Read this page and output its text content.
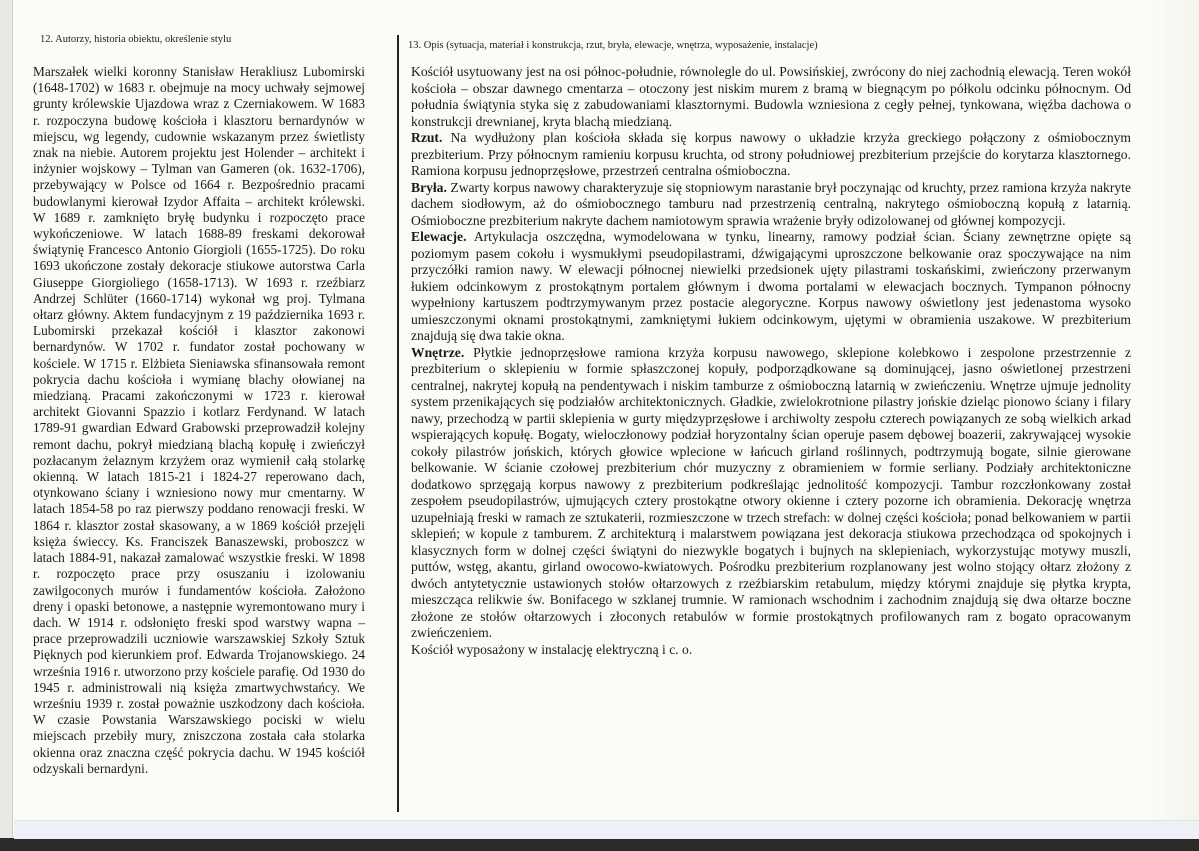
12. Autorzy, historia obiektu, określenie stylu
Marszałek wielki koronny Stanisław Herakliusz Lubomirski (1648-1702) w 1683 r. obejmuje na mocy uchwały sejmowej grunty królewskie Ujazdowa wraz z Czerniakowem. W 1683 r. rozpoczyna budowę kościoła i klasztoru bernardynów w miejscu, wg legendy, cudownie wskazanym przez świetlisty znak na niebie. Autorem projektu jest Holender – architekt i inżynier wojskowy – Tylman van Gameren (ok. 1632-1706), przebywający w Polsce od 1664 r. Bezpośrednio pracami budowlanymi kierował Izydor Affaita – architekt królewski. W 1689 r. zamknięto bryłę budynku i rozpoczęto prace wykończeniowe. W latach 1688-89 freskami dekorował świątynię Francesco Antonio Giorgioli (1655-1725). Do roku 1693 ukończone zostały dekoracje stiukowe autorstwa Carla Giuseppe Giorgioliego (1658-1713). W 1693 r. rzeźbiarz Andrzej Schlüter (1660-1714) wykonał wg proj. Tylmana ołtarz główny. Aktem fundacyjnym z 19 października 1693 r. Lubomirski przekazał kościół i klasztor zakonowi bernardynów. W 1702 r. fundator został pochowany w kościele. W 1715 r. Elżbieta Sieniawska sfinansowała remont pokrycia dachu kościoła i wymianę blachy ołowianej na miedzianą. Pracami zakończonymi w 1723 r. kierował architekt Giovanni Spazzio i kotlarz Ferdynand. W latach 1789-91 gwardian Edward Grabowski przeprowadził kolejny remont dachu, pokrył miedzianą blachą kopułę i zwieńczył pozłacanym żelaznym krzyżem oraz wymienił całą stolarkę okienną. W latach 1815-21 i 1824-27 reperowano dach, otynkowano ściany i wzniesiono nowy mur cmentarny. W latach 1854-58 po raz pierwszy poddano renowacji freski. W 1864 r. klasztor został skasowany, a w 1869 kościół przejęli księża świeccy. Ks. Franciszek Banaszewski, proboszcz w latach 1884-91, nakazał zamalować wszystkie freski. W 1898 r. rozpoczęto prace przy osuszaniu i izolowaniu zawilgoconych murów i fundamentów kościoła. Założono dreny i opaski betonowe, a następnie wyremontowano mury i dach. W 1914 r. odsłonięto freski spod warstwy wapna – prace przeprowadzili uczniowie warszawskiej Szkoły Sztuk Pięknych pod kierunkiem prof. Edwarda Trojanowskiego. 24 września 1916 r. utworzono przy kościele parafię. Od 1930 do 1945 r. administrowali nią księża zmartwychwstańcy. We wrześniu 1939 r. został poważnie uszkodzony dach kościoła. W czasie Powstania Warszawskiego pociski w wielu miejscach przebiły mury, zniszczona została cała stolarka okienna oraz znaczna część pokrycia dachu. W 1945 kościół odzyskali bernardyni.
13. Opis (sytuacja, materiał i konstrukcja, rzut, bryła, elewacje, wnętrza, wyposażenie, instalacje)

Kościół usytuowany jest na osi północ-południe, równolegle do ul. Powsińskiej, zwrócony do niej zachodnią elewacją. Teren wokół kościoła – obszar dawnego cmentarza – otoczony jest niskim murem z bramą w biegnącym po półkolu odcinku północnym. Od południa świątynia styka się z zabudowaniami klasztornymi. Budowla wzniesiona z cegły pełnej, tynkowana, więźba dachowa o konstrukcji drewnianej, kryta blachą miedzianą.

Rzut. Na wydłużony plan kościoła składa się korpus nawowy o układzie krzyża greckiego połączony z ośmiobocznym prezbiterium. Przy północnym ramieniu korpusu kruchta, od strony południowej prezbiterium przejście do korytarza klasztornego. Ramiona korpusu jednoprzęsłowe, przestrzeń centralna ośmioboczna.

Bryła. Zwarty korpus nawowy charakteryzuje się stopniowym narastanie brył poczynając od kruchty, przez ramiona krzyża nakryte dachem siodłowym, aż do ośmiobocznego tamburu nad przestrzenią centralną, nakrytego ośmioboczną kopułą z latarnią. Ośmioboczne prezbiterium nakryte dachem namiotowym sprawia wrażenie bryły odizolowanej od głównej kompozycji.

Elewacje. Artykulacja oszczędna, wymodelowana w tynku, linearny, ramowy podział ścian. Ściany zewnętrzne opięte są poziomym pasem cokołu i wysmukłymi pseudopilastrami, dźwigającymi uproszczone belkowanie oraz spoczywające na nim przyczółki ramion nawy. W elewacji północnej niewielki przedsionek ujęty pilastrami toskańskimi, zwieńczony przerwanym łukiem odcinkowym z prostokątnym portalem głównym i dwoma portalami w elewacjach bocznych. Tympanon północny wypełniony kartuszem podtrzymywanym przez postacie alegoryczne. Korpus nawowy oświetlony jest jedenastoma wysoko umieszczonymi oknami prostokątnymi, zamkniętymi łukiem odcinkowym, ujętymi w obramienia uszakowe. W prezbiterium znajdują się dwa takie okna.

Wnętrze. Płytkie jednoprzęsłowe ramiona krzyża korpusu nawowego, sklepione kolebkowo i zespolone przestrzennie z prezbiterium o sklepieniu w formie spłaszczonej kopuły, podporządkowane są dominującej, jasno oświetlonej przestrzeni centralnej, nakrytej kopułą na pendentywach i niskim tamburze z ośmioboczną latarnią w zwieńczeniu. Wnętrze ujmuje jednolity system przenikających się podziałów architektonicznych. Gładkie, zwielokrotnione pilastry jońskie dzieląc pionowo ściany i filary nawy, przechodzą w partii sklepienia w gurty międzyprzęsłowe i archiwolty zespołu czterech powiązanych ze sobą wielkich arkad wspierających kopułę. Bogaty, wieloczłonowy podział horyzontalny ścian operuje pasem dębowej boazerii, zakrywającej wysokie cokoły pilastrów jońskich, których głowice wplecione w łańcuch girland roślinnych, podtrzymują bogate, silnie gierowane belkowanie. W ścianie czołowej prezbiterium chór muzyczny z obramieniem w formie serliany. Podziały architektoniczne dodatkowo sprzęgają korpus nawowy z prezbiterium podkreślając jednolitość kompozycji. Tambur rozczłonkowany został zespołem pseudopilastrów, ujmujących cztery prostokątne otwory okienne i cztery pozorne ich obramienia. Dekorację wnętrza uzupełniają freski w ramach ze sztukaterii, rozmieszczone w trzech strefach: w dolnej części kościoła; ponad belkowaniem w partii sklepień; w kopule z tamburem. Z architekturą i malarstwem powiązana jest dekoracja stiukowa przechodząca od spokojnych i klasycznych form w dolnej części świątyni do niezwykle bogatych i bujnych na sklepieniach, wykorzystując motywy muszli, puttów, wstęg, akantu, girland owocowo-kwiatowych. Pośrodku prezbiterium rozplanowany jest wolno stojący ołtarz złożony z dwóch antytetycznie ustawionych stołów ołtarzowych z rzeźbiarskim retabulum, między którymi znajduje się płytka krypta, mieszcząca relikwie św. Bonifacego w szklanej trumnie. W ramionach wschodnim i zachodnim znajdują się dwa ołtarze boczne złożone ze stołów ołtarzowych i złoconych retabulów w formie prostokątnych profilowanych ram z bogato opracowanym zwieńczeniem.

Kościół wyposażony w instalację elektryczną i c. o.
